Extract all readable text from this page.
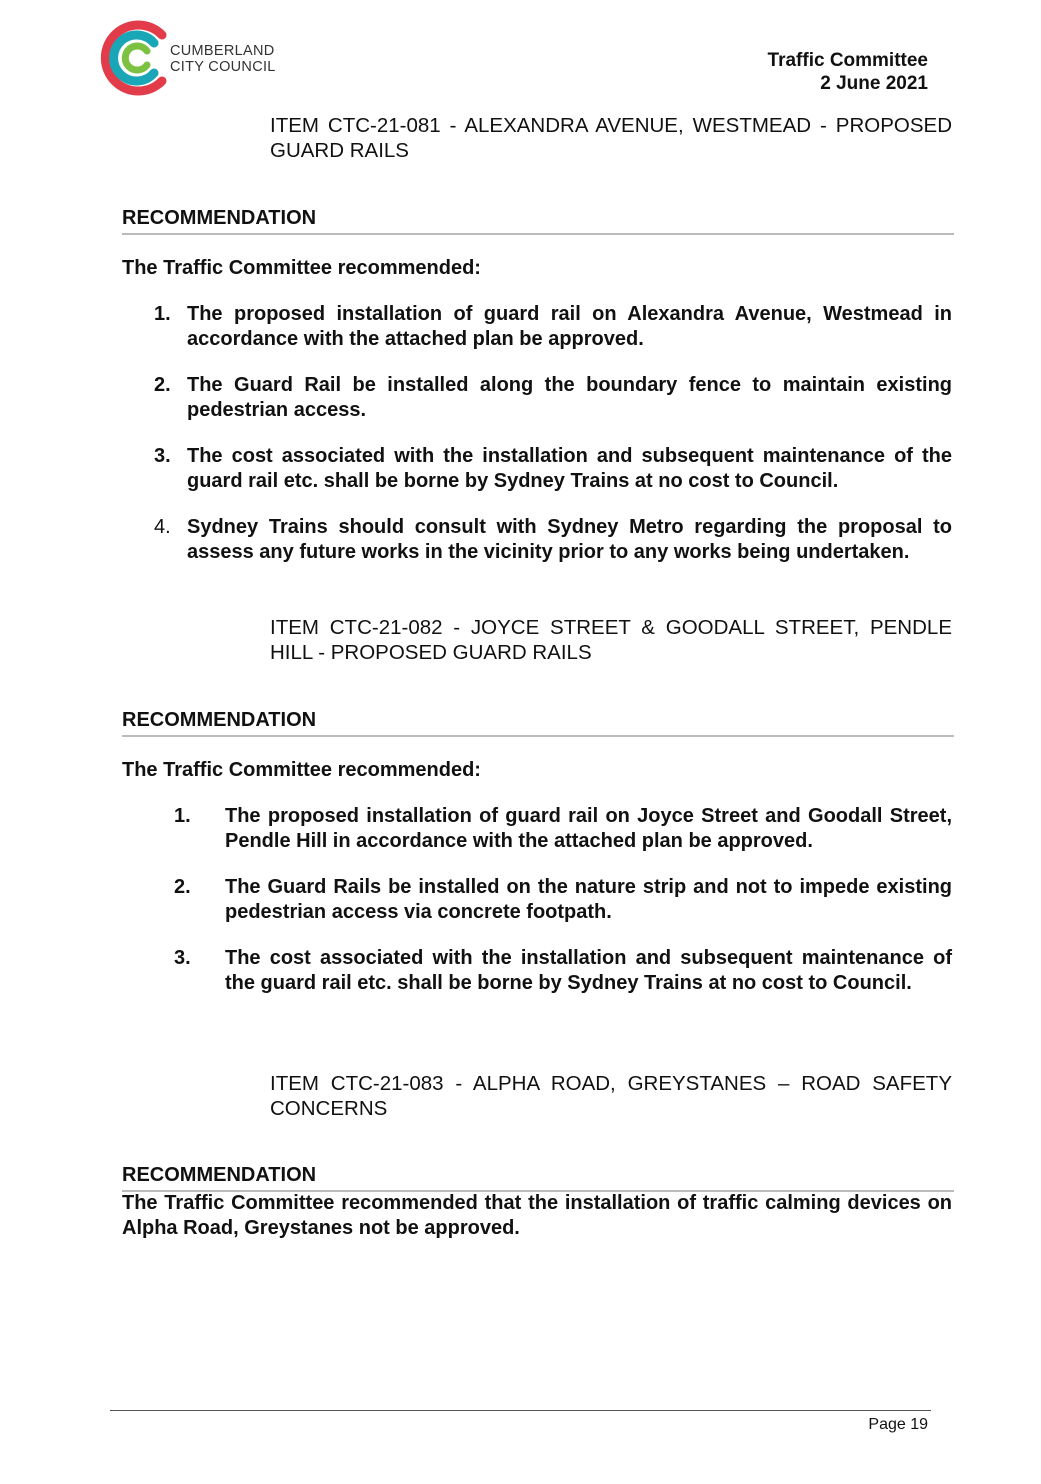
CUMBERLAND
CITY COUNCIL	Traffic Committee
2 June 2021
ITEM CTC-21-081 - ALEXANDRA AVENUE, WESTMEAD - PROPOSED GUARD RAILS
RECOMMENDATION
The Traffic Committee recommended:
1. The proposed installation of guard rail on Alexandra Avenue, Westmead in accordance with the attached plan be approved.
2. The Guard Rail be installed along the boundary fence to maintain existing pedestrian access.
3. The cost associated with the installation and subsequent maintenance of the guard rail etc. shall be borne by Sydney Trains at no cost to Council.
4. Sydney Trains should consult with Sydney Metro regarding the proposal to assess any future works in the vicinity prior to any works being undertaken.
ITEM CTC-21-082 - JOYCE STREET & GOODALL STREET, PENDLE HILL - PROPOSED GUARD RAILS
RECOMMENDATION
The Traffic Committee recommended:
1. The proposed installation of guard rail on Joyce Street and Goodall Street, Pendle Hill in accordance with the attached plan be approved.
2. The Guard Rails be installed on the nature strip and not to impede existing pedestrian access via concrete footpath.
3. The cost associated with the installation and subsequent maintenance of the guard rail etc. shall be borne by Sydney Trains at no cost to Council.
ITEM CTC-21-083 - ALPHA ROAD, GREYSTANES – ROAD SAFETY CONCERNS
RECOMMENDATION
The Traffic Committee recommended that the installation of traffic calming devices on Alpha Road, Greystanes not be approved.
Page 19
